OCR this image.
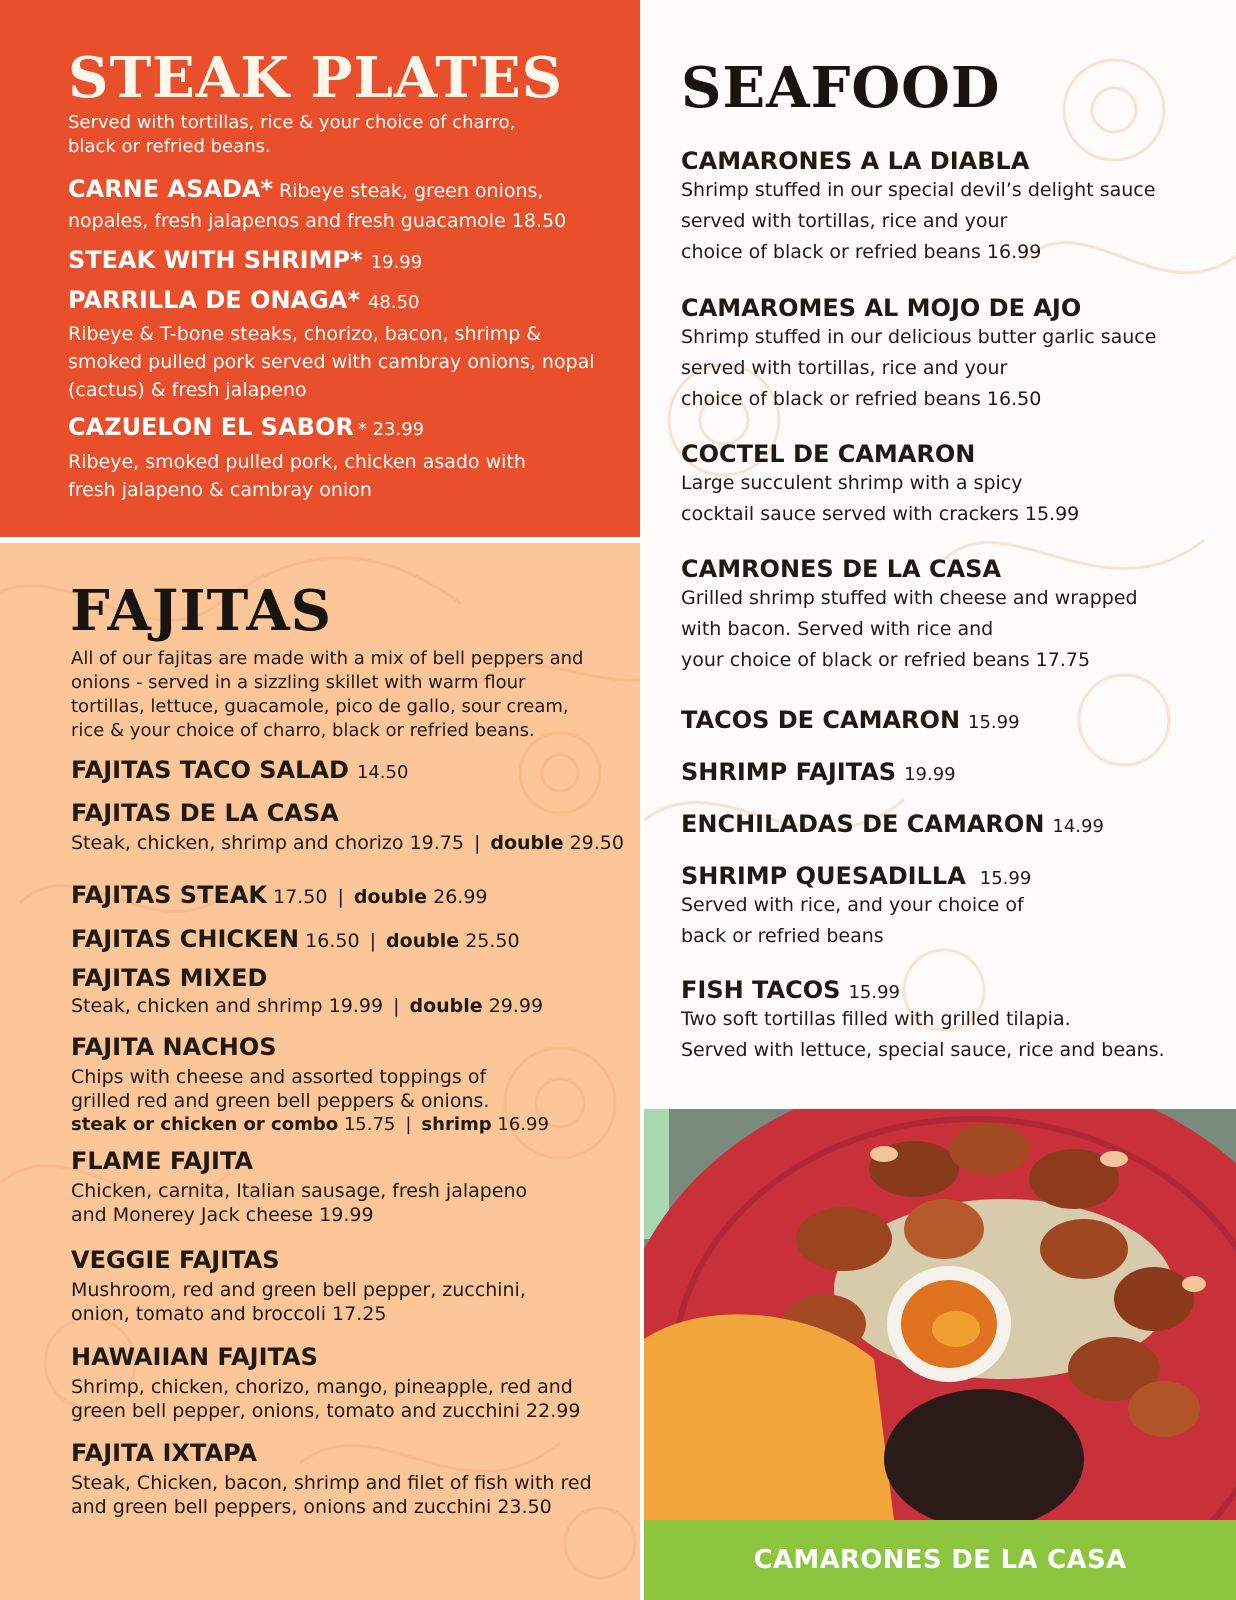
STEAK PLATES
Served with tortillas, rice & your choice of charro, black or refried beans.
CARNE ASADA* Ribeye steak, green onions,
nopales, fresh jalapenos and fresh guacamole 18.50
STEAK WITH SHRIMP* 19.99
PARRILLA DE ONAGA* 48.50
Ribeye & T-bone steaks, chorizo, bacon, shrimp & smoked pulled pork served with cambray onions, nopal (cactus) & fresh jalapeno
CAZUELON EL SABOR * 23.99
Ribeye, smoked pulled pork, chicken asado with fresh jalapeno & cambray onion
FAJITAS
All of our fajitas are made with a mix of bell peppers and onions - served in a sizzling skillet with warm flour tortillas, lettuce, guacamole, pico de gallo, sour cream, rice & your choice of charro, black or refried beans.
FAJITAS TACO SALAD 14.50
FAJITAS DE LA CASA
Steak, chicken, shrimp and chorizo 19.75 | double 29.50
FAJITAS STEAK 17.50 | double 26.99
FAJITAS CHICKEN 16.50 | double 25.50
FAJITAS MIXED
Steak, chicken and shrimp 19.99 | double 29.99
FAJITA NACHOS
Chips with cheese and assorted toppings of grilled red and green bell peppers & onions.
steak or chicken or combo 15.75 | shrimp 16.99
FLAME FAJITA
Chicken, carnita, Italian sausage, fresh jalapeno
and Monerey Jack cheese 19.99
VEGGIE FAJITAS
Mushroom, red and green bell pepper, zucchini,
onion, tomato and broccoli 17.25
HAWAIIAN FAJITAS
Shrimp, chicken, chorizo, mango, pineapple, red and
green bell pepper, onions, tomato and zucchini 22.99
FAJITA IXTAPA
Steak, Chicken, bacon, shrimp and filet of fish with red
and green bell peppers, onions and zucchini 23.50
SEAFOOD
CAMARONES A LA DIABLA
Shrimp stuffed in our special devil’s delight sauce
served with tortillas, rice and your
choice of black or refried beans 16.99
CAMAROMES AL MOJO DE AJO
Shrimp stuffed in our delicious butter garlic sauce
served with tortillas, rice and your
choice of black or refried beans 16.50
COCTEL DE CAMARON
Large succulent shrimp with a spicy
cocktail sauce served with crackers 15.99
CAMRONES DE LA CASA
Grilled shrimp stuffed with cheese and wrapped
with bacon. Served with rice and
your choice of black or refried beans 17.75
TACOS DE CAMARON 15.99
SHRIMP FAJITAS 19.99
ENCHILADAS DE CAMARON 14.99
SHRIMP QUESADILLA 15.99
Served with rice, and your choice of
back or refried beans
FISH TACOS 15.99
Two soft tortillas filled with grilled tilapia.
Served with lettuce, special sauce, rice and beans.
CAMARONES DE LA CASA
